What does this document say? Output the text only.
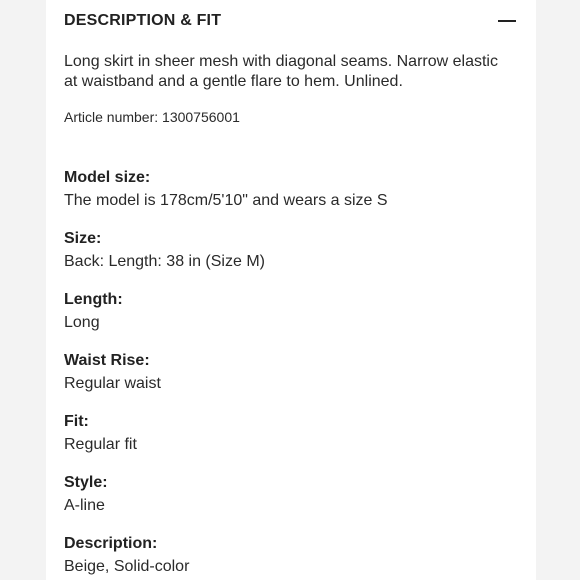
DESCRIPTION & FIT

Long skirt in sheer mesh with diagonal seams. Narrow elastic at waistband and a gentle flare to hem. Unlined.

Article number: 1300756001
Model size:
The model is 178cm/5'10" and wears a size S
Size:
Back: Length: 38 in (Size M)
Length:
Long
Waist Rise:
Regular waist
Fit:
Regular fit
Style:
A-line
Description:
Beige, Solid-color
